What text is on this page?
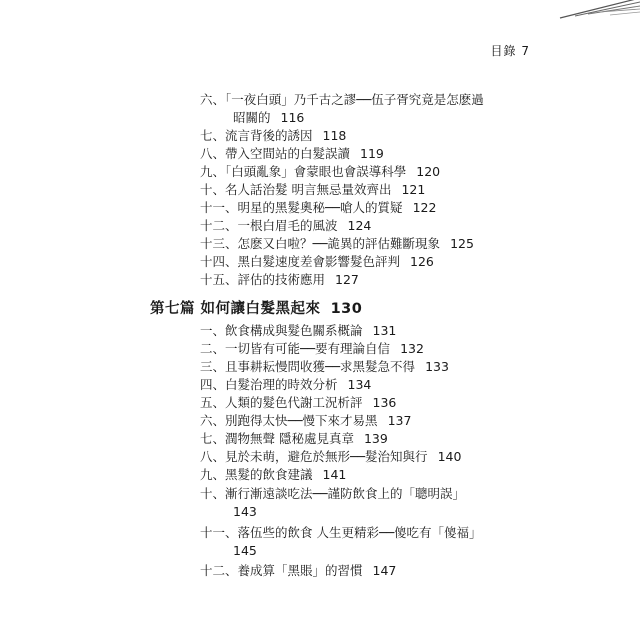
目錄 7
六、「一夜白頭」乃千古之謬──伍子胥究竟是怎麽過
昭關的 116
七、流言背後的誘因 118
八、帶入空間站的白髮誤讀 119
九、「白頭亂象」會蒙眼也會誤導科學 120
十、名人話治髮 明言無忌量效齊出 121
十一、明星的黑髮奧秘──嗆人的質疑 122
十二、一根白眉毛的風波 124
十三、怎麽又白啦？──詭異的評估難斷現象 125
十四、黑白髮速度差會影響髮色評判 126
十五、評估的技術應用 127
第七篇 如何讓白髮黑起來 130
一、飲食構成與髮色關系概論 131
二、一切皆有可能──要有理論自信 132
三、且事耕耘慢問收獲──求黑髮急不得 133
四、白髮治理的時效分析 134
五、人類的髮色代謝工況析評 136
六、別跑得太快──慢下來才易黑 137
七、潤物無聲 隱秘處見真章 139
八、見於未萌，避危於無形──髮治知與行 140
九、黑髮的飲食建議 141
十、漸行漸遠談吃法──謹防飲食上的「聰明誤」
143
十一、落伍些的飲食 人生更精彩──傻吃有「傻福」
145
十二、養成算「黑賬」的習慣 147
